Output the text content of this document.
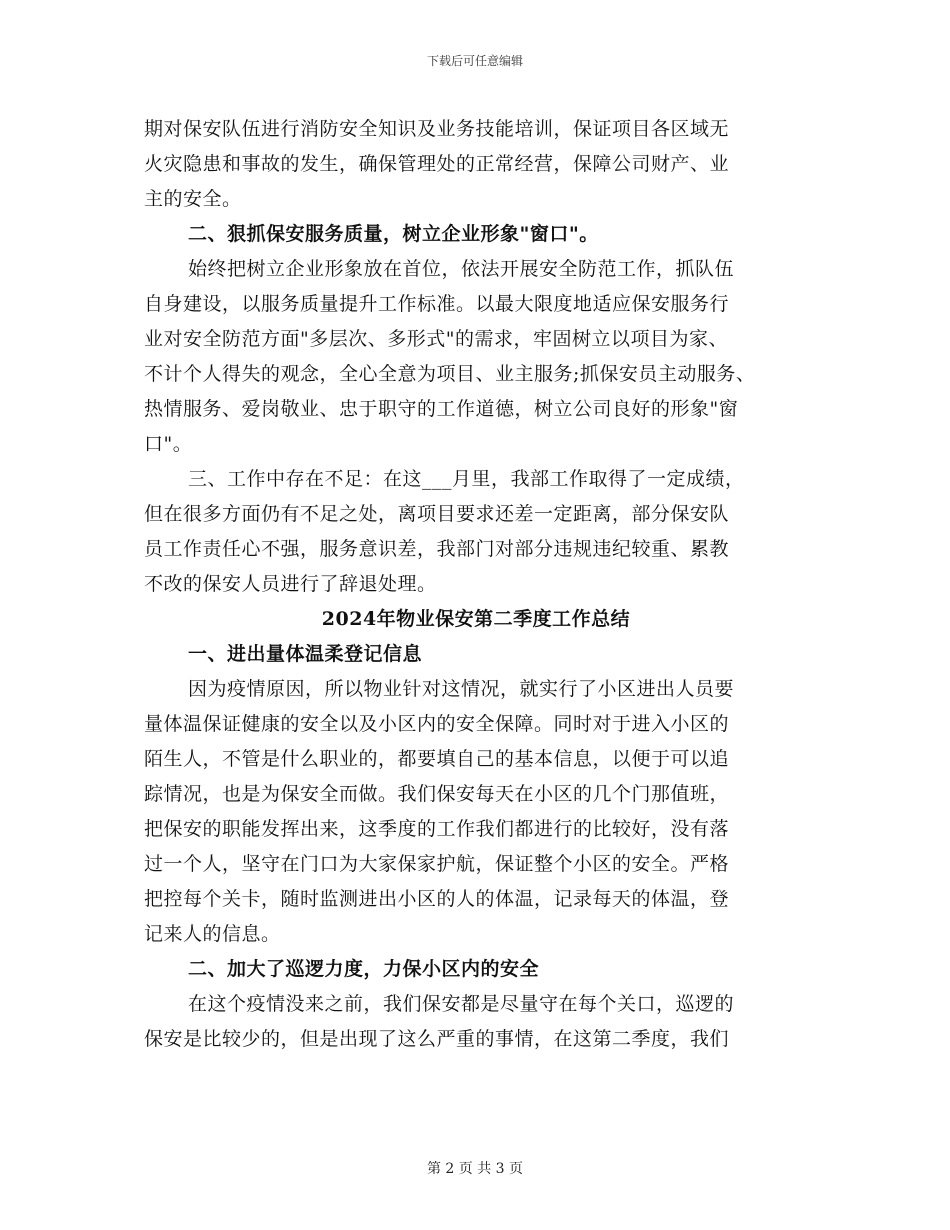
下载后可任意编辑
期对保安队伍进行消防安全知识及业务技能培训，保证项目各区域无
火灾隐患和事故的发生，确保管理处的正常经营，保障公司财产、业
主的安全。
二、狠抓保安服务质量，树立企业形象"窗口"。
始终把树立企业形象放在首位，依法开展安全防范工作，抓队伍
自身建设，以服务质量提升工作标准。以最大限度地适应保安服务行
业对安全防范方面"多层次、多形式"的需求，牢固树立以项目为家、
不计个人得失的观念，全心全意为项目、业主服务;抓保安员主动服务、
热情服务、爱岗敬业、忠于职守的工作道德，树立公司良好的形象"窗
口"。
三、工作中存在不足：在这___月里，我部工作取得了一定成绩，
但在很多方面仍有不足之处，离项目要求还差一定距离，部分保安队
员工作责任心不强，服务意识差，我部门对部分违规违纪较重、累教
不改的保安人员进行了辞退处理。
2024年物业保安第二季度工作总结
一、进出量体温柔登记信息
因为疫情原因，所以物业针对这情况，就实行了小区进出人员要
量体温保证健康的安全以及小区内的安全保障。同时对于进入小区的
陌生人，不管是什么职业的，都要填自己的基本信息，以便于可以追
踪情况，也是为保安全而做。我们保安每天在小区的几个门那值班，
把保安的职能发挥出来，这季度的工作我们都进行的比较好，没有落
过一个人，坚守在门口为大家保家护航，保证整个小区的安全。严格
把控每个关卡，随时监测进出小区的人的体温，记录每天的体温，登
记来人的信息。
二、加大了巡逻力度，力保小区内的安全
在这个疫情没来之前，我们保安都是尽量守在每个关口，巡逻的
保安是比较少的，但是出现了这么严重的事情，在这第二季度，我们
第 2 页 共 3 页
